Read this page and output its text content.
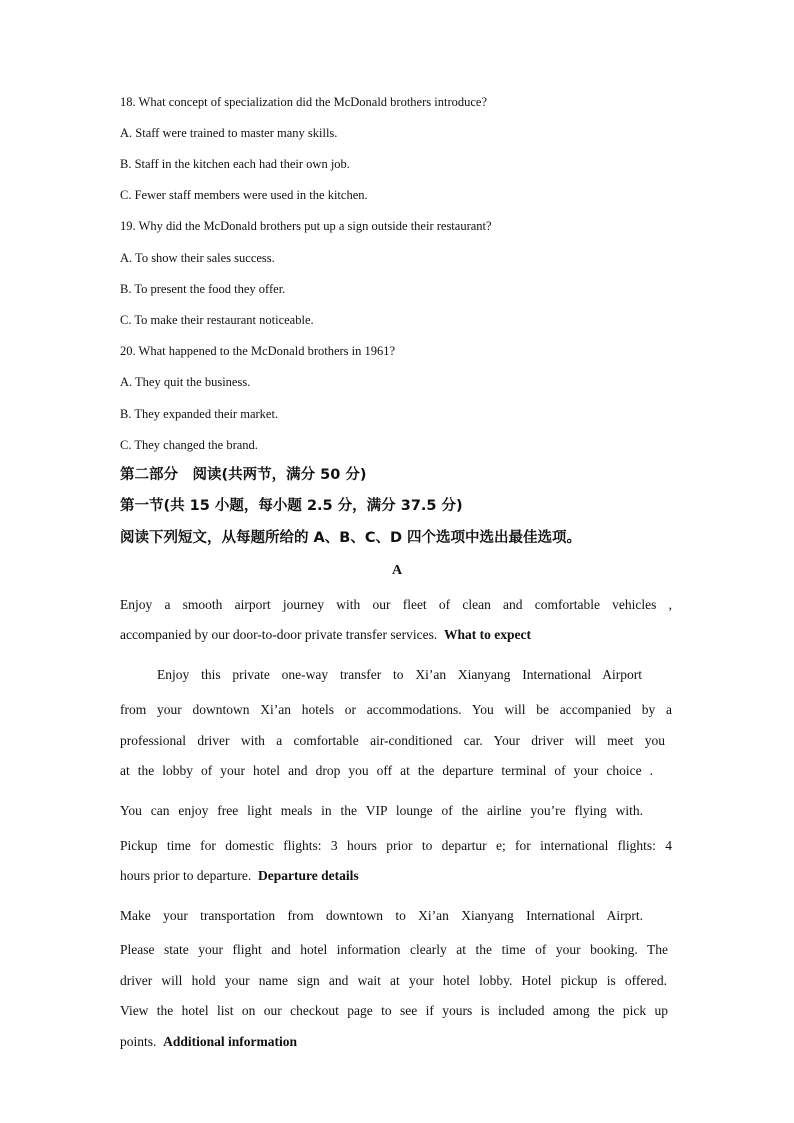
18. What concept of specialization did the McDonald brothers introduce?
A. Staff were trained to master many skills.
B. Staff in the kitchen each had their own job.
C. Fewer staff members were used in the kitchen.
19. Why did the McDonald brothers put up a sign outside their restaurant?
A. To show their sales success.
B. To present the food they offer.
C. To make their restaurant noticeable.
20. What happened to the McDonald brothers in 1961?
A. They quit the business.
B. They expanded their market.
C. They changed the brand.
第二部分　阅读(共两节，满分 50 分)
第一节(共 15 小题，每小题 2.5 分，满分 37.5 分)
阅读下列短文，从每题所给的 A、B、C、D 四个选项中选出最佳选项。
A
Enjoy a smooth airport journey with our fleet of clean and comfortable vehicles ,
accompanied by our door-to-door private transfer services. What to expect
Enjoy this private one-way transfer to Xi’an Xianyang International Airport
from your downtown Xi’an hotels or accommodations. You will be accompanied by a
professional driver with a comfortable air-conditioned car. Your driver will meet you
at the lobby of your hotel and drop you off at the departure terminal of your choice .
You can enjoy free light meals in the VIP lounge of the airline you’re flying with.
Pickup time for domestic flights: 3 hours prior to departur e; for international flights: 4
hours prior to departure. Departure details
Make your transportation from downtown to Xi’an Xianyang International Airprt.
Please state your flight and hotel information clearly at the time of your booking. The
driver will hold your name sign and wait at your hotel lobby. Hotel pickup is offered.
View the hotel list on our checkout page to see if yours is included among the pick up
points. Additional information
